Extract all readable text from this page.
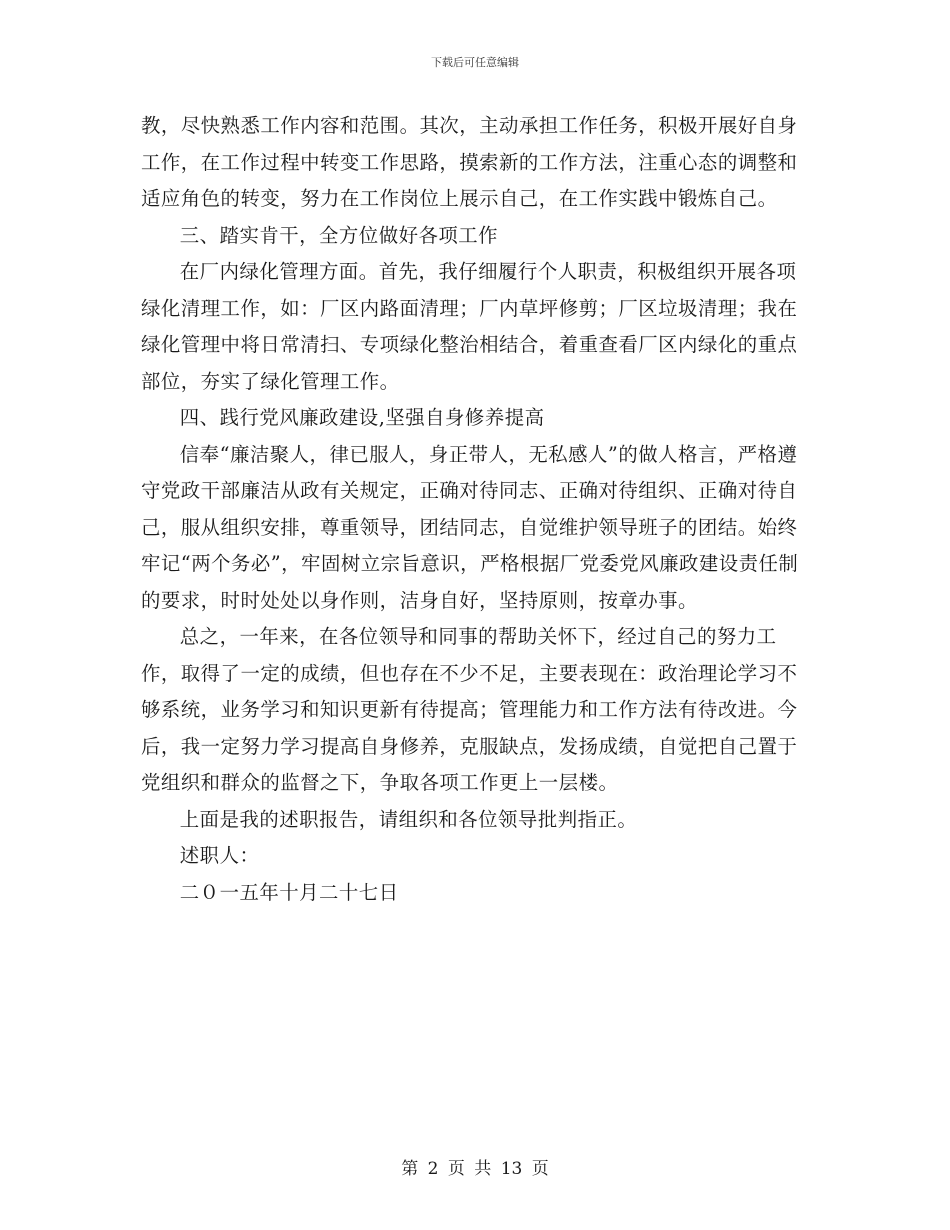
下载后可任意编辑

教，尽快熟悉工作内容和范围。其次，主动承担工作任务，积极开展好自身工作，在工作过程中转变工作思路，摸索新的工作方法，注重心态的调整和适应角色的转变，努力在工作岗位上展示自己，在工作实践中锻炼自己。

三、踏实肯干，全方位做好各项工作

在厂内绿化管理方面。首先，我仔细履行个人职责，积极组织开展各项绿化清理工作，如：厂区内路面清理；厂内草坪修剪；厂区垃圾清理；我在绿化管理中将日常清扫、专项绿化整治相结合，着重查看厂区内绿化的重点部位，夯实了绿化管理工作。

四、践行党风廉政建设,坚强自身修养提高

信奉“廉洁聚人，律已服人，身正带人，无私感人”的做人格言，严格遵守党政干部廉洁从政有关规定，正确对待同志、正确对待组织、正确对待自己，服从组织安排，尊重领导，团结同志，自觉维护领导班子的团结。始终牢记“两个务必”，牢固树立宗旨意识，严格根据厂党委党风廉政建设责任制的要求，时时处处以身作则，洁身自好，坚持原则，按章办事。

总之，一年来，在各位领导和同事的帮助关怀下，经过自己的努力工作，取得了一定的成绩，但也存在不少不足，主要表现在：政治理论学习不够系统，业务学习和知识更新有待提高；管理能力和工作方法有待改进。今后，我一定努力学习提高自身修养，克服缺点，发扬成绩，自觉把自己置于党组织和群众的监督之下，争取各项工作更上一层楼。

上面是我的述职报告，请组织和各位领导批判指正。

述职人：

二０一五年十月二十七日

第 2 页 共 13 页
